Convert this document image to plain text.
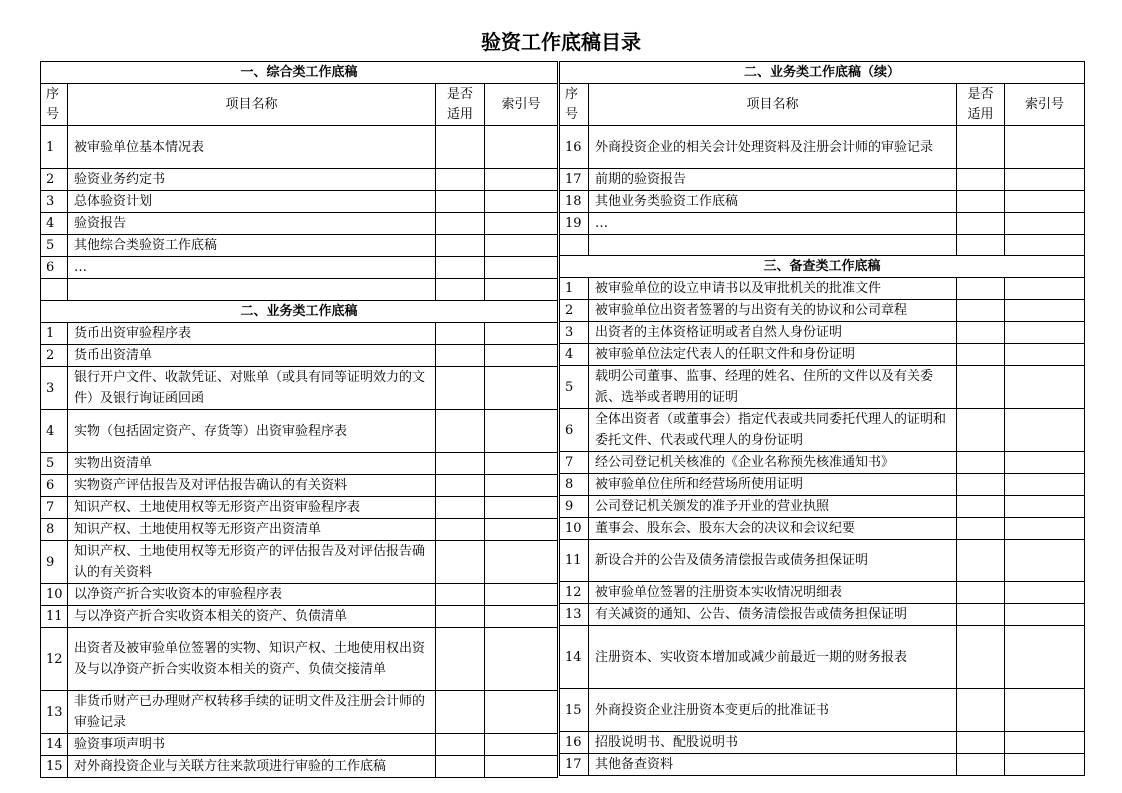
验资工作底稿目录
一、综合类工作底稿			
序号	项目名称	是否适用	索引号
1	被审验单位基本情况表		
2	验资业务约定书		
3	总体验资计划		
4	验资报告		
5	其他综合类验资工作底稿		
6	…		

二、业务类工作底稿			
1	货币出资审验程序表		
2	货币出资清单		
3	银行开户文件、收款凭证、对账单（或具有同等证明效力的文件）及银行询证函回函		
4	实物（包括固定资产、存货等）出资审验程序表		
5	实物出资清单		
6	实物资产评估报告及对评估报告确认的有关资料		
7	知识产权、土地使用权等无形资产出资审验程序表		
8	知识产权、土地使用权等无形资产出资清单		
9	知识产权、土地使用权等无形资产的评估报告及对评估报告确认的有关资料		
10	以净资产折合实收资本的审验程序表		
11	与以净资产折合实收资本相关的资产、负债清单		
12	出资者及被审验单位签署的实物、知识产权、土地使用权出资及与以净资产折合实收资本相关的资产、负债交接清单		
13	非货币财产已办理财产权转移手续的证明文件及注册会计师的审验记录		
14	验资事项声明书		
15	对外商投资企业与关联方往来款项进行审验的工作底稿		
二、业务类工作底稿（续）			
序号	项目名称	是否适用	索引号
16	外商投资企业的相关会计处理资料及注册会计师的审验记录		
17	前期的验资报告		
18	其他业务类验资工作底稿		
19	…		

三、备查类工作底稿			
1	被审验单位的设立申请书以及审批机关的批准文件		
2	被审验单位出资者签署的与出资有关的协议和公司章程		
3	出资者的主体资格证明或者自然人身份证明		
4	被审验单位法定代表人的任职文件和身份证明		
5	载明公司董事、监事、经理的姓名、住所的文件以及有关委派、选举或者聘用的证明		
6	全体出资者（或董事会）指定代表或共同委托代理人的证明和委托文件、代表或代理人的身份证明		
7	经公司登记机关核准的《企业名称预先核准通知书》		
8	被审验单位住所和经营场所使用证明		
9	公司登记机关颁发的准予开业的营业执照		
10	董事会、股东会、股东大会的决议和会议纪要		
11	新设合并的公告及债务清偿报告或债务担保证明		
12	被审验单位签署的注册资本实收情况明细表		
13	有关减资的通知、公告、债务清偿报告或债务担保证明		
14	注册资本、实收资本增加或减少前最近一期的财务报表		
15	外商投资企业注册资本变更后的批准证书		
16	招股说明书、配股说明书		
17	其他备查资料		
